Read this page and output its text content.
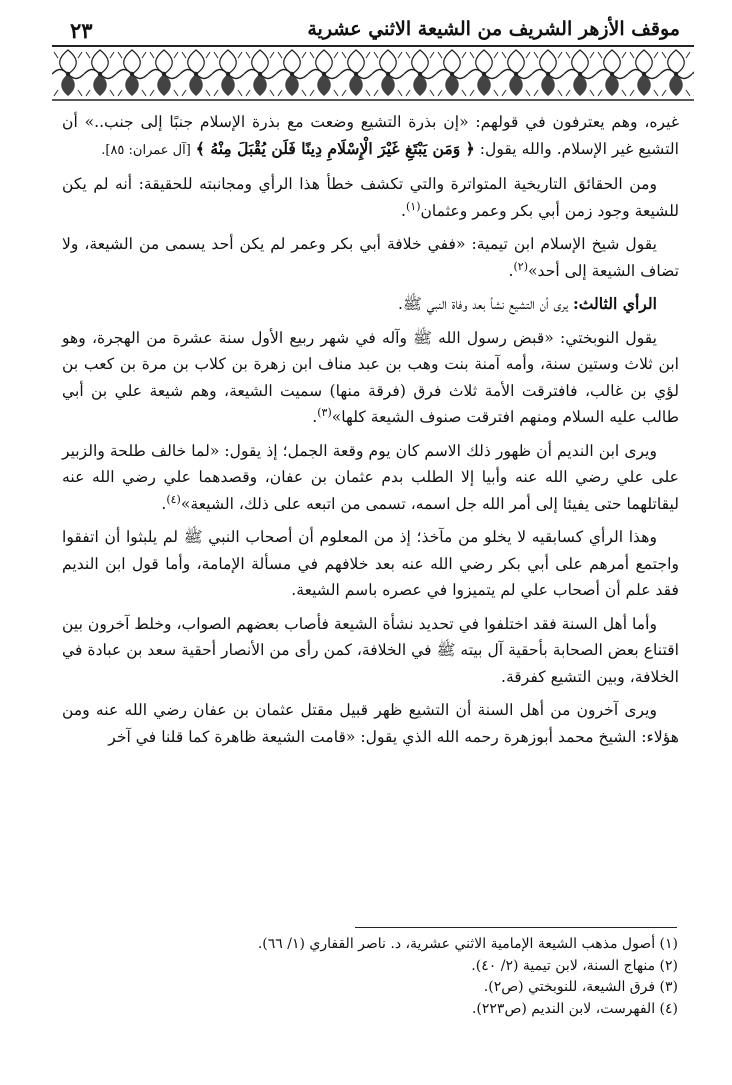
٢٣	موقف الأزهر الشريف من الشيعة الاثني عشرية

غيره، وهم يعترفون في قولهم: «إن بذرة التشيع وضعت مع بذرة الإسلام جنبًا إلى جنب..» أن التشيع غير الإسلام. والله يقول: ﴿ وَمَن يَبْتَغِ غَيْرَ الْإِسْلَامِ دِينًا فَلَن يُقْبَلَ مِنْهُ ﴾ [آل عمران: ٨٥].

ومن الحقائق التاريخية المتواترة والتي تكشف خطأ هذا الرأي ومجانبته للحقيقة: أنه لم يكن للشيعة وجود زمن أبي بكر وعمر وعثمان$^{(١)}$.

يقول شيخ الإسلام ابن تيمية: «ففي خلافة أبي بكر وعمر لم يكن أحد يسمى من الشيعة، ولا تضاف الشيعة إلى أحد»$^{(٢)}$.

الرأي الثالث: يرى أن التشيع نشأ بعد وفاة النبي ﷺ.

يقول النوبختي: «قبض رسول الله ﷺ وآله في شهر ربيع الأول سنة عشرة من الهجرة، وهو ابن ثلاث وستين سنة، وأمه آمنة بنت وهب بن عبد مناف ابن زهرة بن كلاب بن مرة بن كعب بن لؤي بن غالب، فافترقت الأمة ثلاث فرق (فرقة منها) سميت الشيعة، وهم شيعة علي بن أبي طالب عليه السلام ومنهم افترقت صنوف الشيعة كلها»$^{(٣)}$.

ويرى ابن النديم أن ظهور ذلك الاسم كان يوم وقعة الجمل؛ إذ يقول: «لما خالف طلحة والزبير على علي رضي الله عنه وأبيا إلا الطلب بدم عثمان بن عفان، وقصدهما علي رضي الله عنه ليقاتلهما حتى يفيئا إلى أمر الله جل اسمه، تسمى من اتبعه على ذلك، الشيعة»$^{(٤)}$.

وهذا الرأي كسابقيه لا يخلو من مآخذ؛ إذ من المعلوم أن أصحاب النبي ﷺ لم يلبثوا أن اتفقوا واجتمع أمرهم على أبي بكر رضي الله عنه بعد خلافهم في مسألة الإمامة، وأما قول ابن النديم فقد علم أن أصحاب علي لم يتميزوا في عصره باسم الشيعة.

وأما أهل السنة فقد اختلفوا في تحديد نشأة الشيعة فأصاب بعضهم الصواب، وخلط آخرون بين اقتناع بعض الصحابة بأحقية آل بيته ﷺ في الخلافة، كمن رأى من الأنصار أحقية سعد بن عبادة في الخلافة، وبين التشيع كفرقة.

ويرى آخرون من أهل السنة أن التشيع ظهر قبيل مقتل عثمان بن عفان رضي الله عنه ومن هؤلاء: الشيخ محمد أبوزهرة رحمه الله الذي يقول: «قامت الشيعة ظاهرة كما قلنا في آخر

(١) أصول مذهب الشيعة الإمامية الاثني عشرية، د. ناصر القفاري (١/ ٦٦).

(٢) منهاج السنة، لابن تيمية (٢/ ٤٠).

(٣) فرق الشيعة، للنوبختي (ص٢).

(٤) الفهرست، لابن النديم (ص٢٢٣).
